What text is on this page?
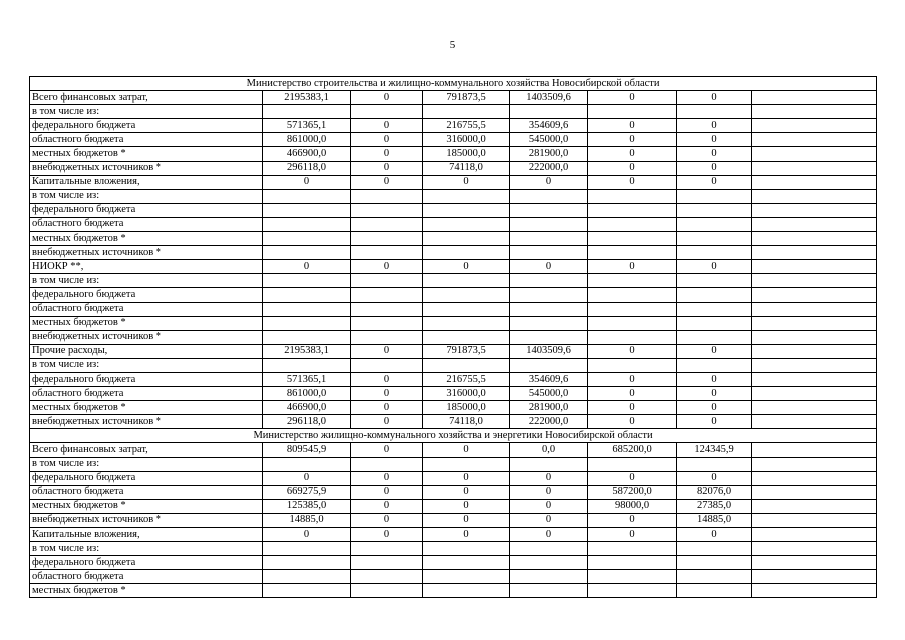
5
Министерство строительства и жилищно-коммунального хозяйства Новосибирской области							
Всего финансовых затрат,	2195383,1	0	791873,5	1403509,6	0	0	
в том числе из:							
федерального бюджета	571365,1	0	216755,5	354609,6	0	0	
областного бюджета	861000,0	0	316000,0	545000,0	0	0	
местных бюджетов *	466900,0	0	185000,0	281900,0	0	0	
внебюджетных источников *	296118,0	0	74118,0	222000,0	0	0	
Капитальные вложения,	0	0	0	0	0	0	
в том числе из:							
федерального бюджета							
областного бюджета							
местных бюджетов *							
внебюджетных источников *							
НИОКР **,	0	0	0	0	0	0	
в том числе из:							
федерального бюджета							
областного бюджета							
местных бюджетов *							
внебюджетных источников *							
Прочие расходы,	2195383,1	0	791873,5	1403509,6	0	0	
в том числе из:							
федерального бюджета	571365,1	0	216755,5	354609,6	0	0	
областного бюджета	861000,0	0	316000,0	545000,0	0	0	
местных бюджетов *	466900,0	0	185000,0	281900,0	0	0	
внебюджетных источников *	296118,0	0	74118,0	222000,0	0	0	
Министерство жилищно-коммунального хозяйства и энергетики Новосибирской области							
Всего финансовых затрат,	809545,9	0	0	0,0	685200,0	124345,9	
в том числе из:							
федерального бюджета	0	0	0	0	0	0	
областного бюджета	669275,9	0	0	0	587200,0	82076,0	
местных бюджетов *	125385,0	0	0	0	98000,0	27385,0	
внебюджетных источников *	14885,0	0	0	0	0	14885,0	
Капитальные вложения,	0	0	0	0	0	0	
в том числе из:							
федерального бюджета							
областного бюджета							
местных бюджетов *							
